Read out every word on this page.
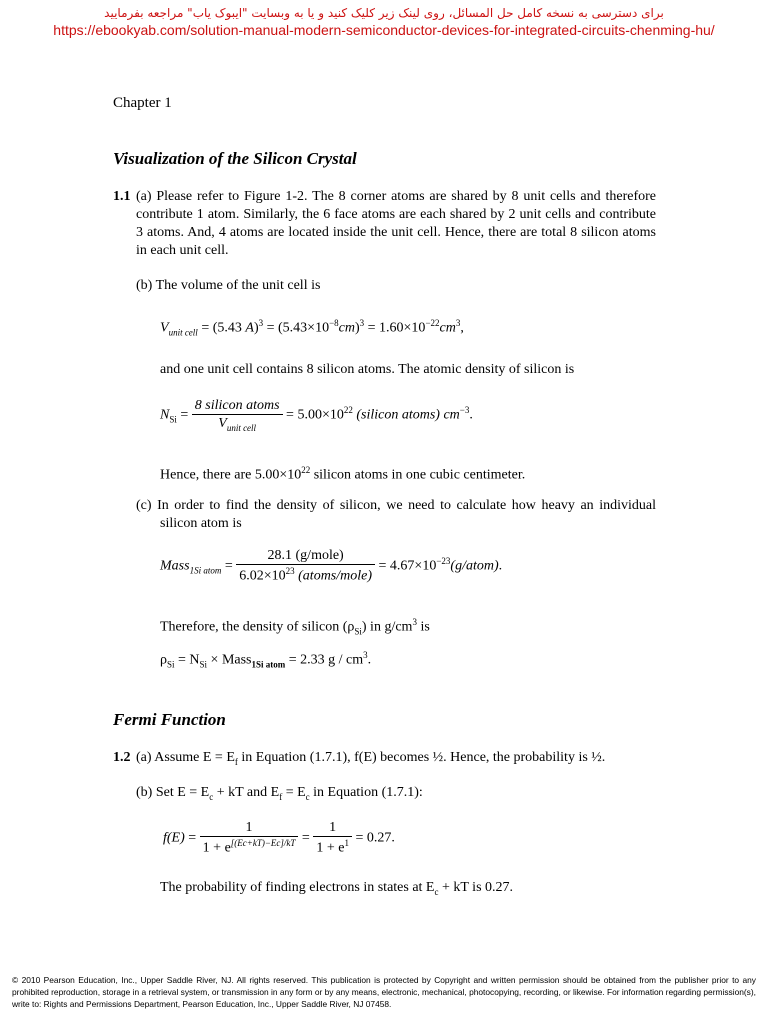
برای دسترسی به نسخه کامل حل المسائل، روی لینک زیر کلیک کنید و یا به وبسایت "ایبوک یاب" مراجعه بفرمایید
https://ebookyab.com/solution-manual-modern-semiconductor-devices-for-integrated-circuits-chenming-hu/
Chapter 1
Visualization of the Silicon Crystal
1.1 (a) Please refer to Figure 1-2. The 8 corner atoms are shared by 8 unit cells and therefore contribute 1 atom. Similarly, the 6 face atoms are each shared by 2 unit cells and contribute 3 atoms. And, 4 atoms are located inside the unit cell. Hence, there are total 8 silicon atoms in each unit cell.
(b) The volume of the unit cell is
$V_{unit cell} = (5.43$ $A)^3 = (5.43\times 10^{-8}cm)^3 = 1.60\times 10^{-22}cm^3$,
and one unit cell contains 8 silicon atoms. The atomic density of silicon is
$N_{Si} = \frac{\text{8 silicon atoms}}{V_{unit cell}} = 5.00\times 10^{22}$ (silicon atoms) $cm^{-3}$.
Hence, there are $5.00\times 10^{22}$ silicon atoms in one cubic centimeter.
(c) In order to find the density of silicon, we need to calculate how heavy an individual silicon atom is
Mass$_{1Si atom}$ = $\frac{\text{28.1 (g/mole)}}{6.02\times 10^{23} (atoms/mole)}$ = $4.67\times 10^{-23}(g/atom)$.
Therefore, the density of silicon $(\rho_{Si})$ in $g/cm^3$ is
$\rho_{Si} = N_{Si}$ × Mass$_{1Si atom}$ = 2.33 g / $cm^3$.
Fermi Function
1.2 (a) Assume $E = E_f$ in Equation (1.7.1), f(E) becomes ½. Hence, the probability is ½.
(b) Set $E = E_c$ + kT and $E_f = E_c$ in Equation (1.7.1):
$f(E) = \frac{1}{1 + e^{[(Ec+kT)-Ec]/kT}} = \frac{1}{1 + e^1} = 0.27$.
The probability of finding electrons in states at $E_c$ + kT is 0.27.
© 2010 Pearson Education, Inc., Upper Saddle River, NJ. All rights reserved. This publication is protected by Copyright and written permission should be obtained from the publisher prior to any prohibited reproduction, storage in a retrieval system, or transmission in any form or by any means, electronic, mechanical, photocopying, recording, or likewise. For information regarding permission(s), write to: Rights and Permissions Department, Pearson Education, Inc., Upper Saddle River, NJ 07458.
